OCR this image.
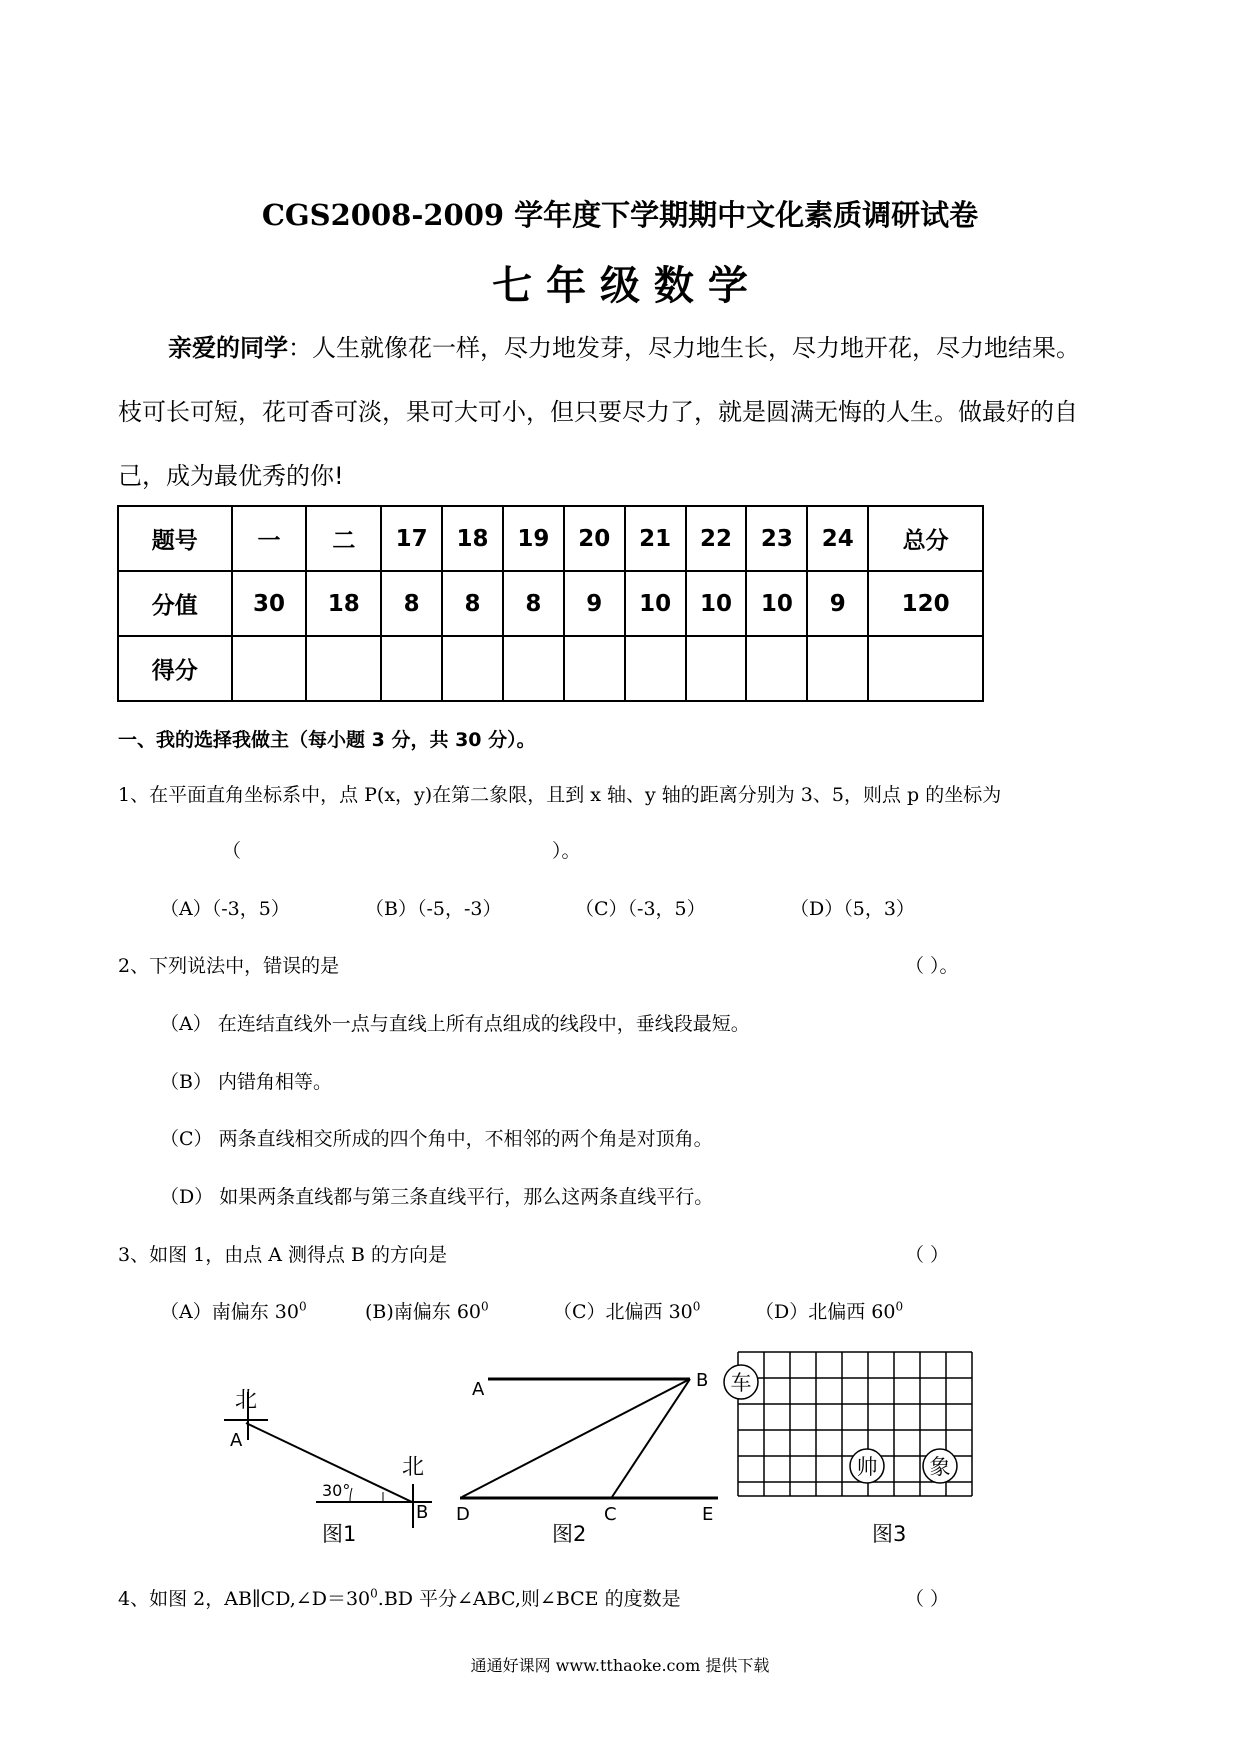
CGS2008-2009 学年度下学期期中文化素质调研试卷
七 年 级 数 学
亲爱的同学：人生就像花一样，尽力地发芽，尽力地生长，尽力地开花，尽力地结果。
枝可长可短，花可香可淡，果可大可小，但只要尽力了，就是圆满无悔的人生。做最好的自
己，成为最优秀的你!
题号	一	二	17	18	19	20	21	22	23	24	总分
分值	30	18	8	8	8	9	10	10	10	9	120
得分											
一、我的选择我做主（每小题 3 分，共 30 分）。
1、在平面直角坐标系中，点 P(x，y)在第二象限，且到 x 轴、y 轴的距离分别为 3、5，则点 p 的坐标为
（	）。
（A）（-3，5）	（B）（-5，-3）	（C）（-3，5）	（D）（5，3）
2、下列说法中，错误的是	（ ）。
（A） 在连结直线外一点与直线上所有点组成的线段中，垂线段最短。
（B） 内错角相等。
（C） 两条直线相交所成的四个角中，不相邻的两个角是对顶角。
（D） 如果两条直线都与第三条直线平行，那么这两条直线平行。
3、如图 1，由点 A 测得点 B 的方向是	（ ）
（A）南偏东 $30^0$	(B)南偏东 $60^0$	（C）北偏西 $30^0$	（D）北偏西 $60^0$
北
北
A
B
30°
图1
A	B
D	C	E
图2
车
帅 象
图3
4、如图 2，$AB\parallel CD,\angle D=30^0.BD$ 平分∠ABC,则∠BCE 的度数是	（ ）
通通好课网 www.tthaoke.com 提供下载
